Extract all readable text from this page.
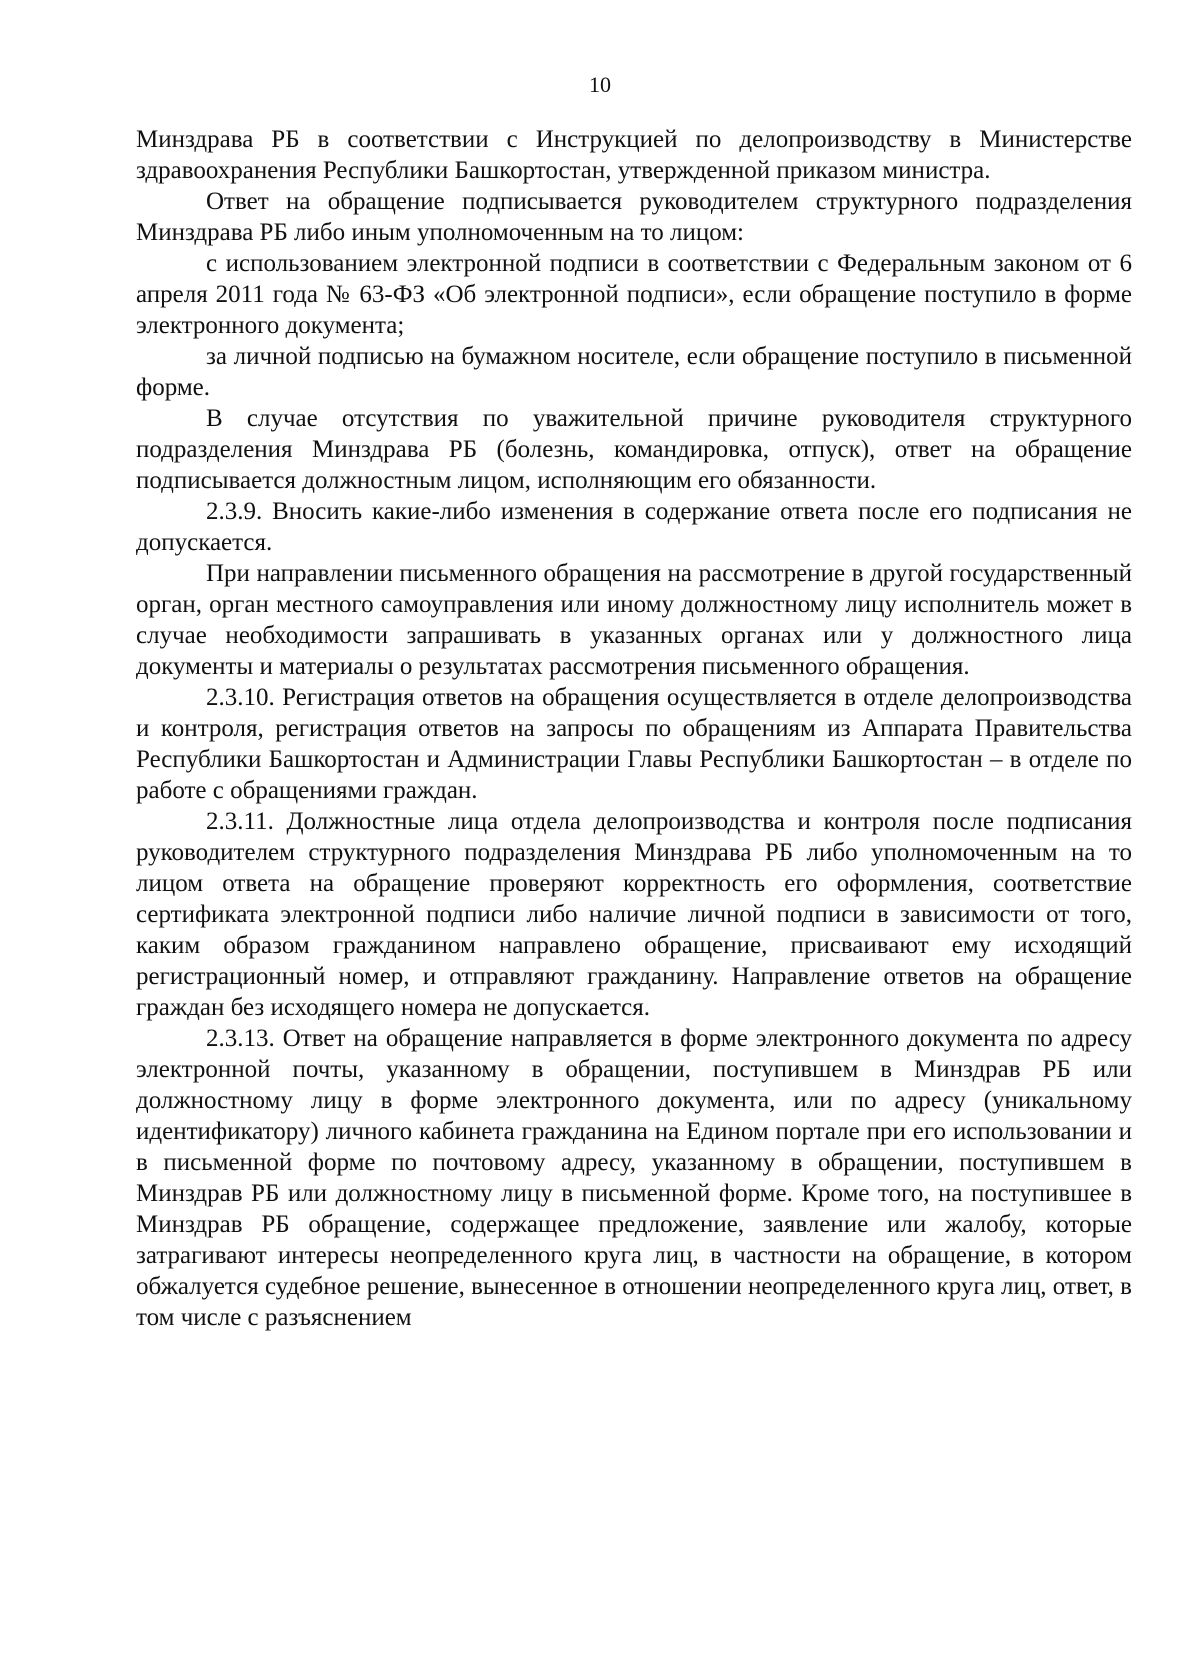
10

Минздрава РБ в соответствии с Инструкцией по делопроизводству в Министерстве здравоохранения Республики Башкортостан, утвержденной приказом министра.

Ответ на обращение подписывается руководителем структурного подразделения Минздрава РБ либо иным уполномоченным на то лицом:

с использованием электронной подписи в соответствии с Федеральным законом от 6 апреля 2011 года № 63-ФЗ «Об электронной подписи», если обращение поступило в форме электронного документа;

за личной подписью на бумажном носителе, если обращение поступило в письменной форме.

В случае отсутствия по уважительной причине руководителя структурного подразделения Минздрава РБ (болезнь, командировка, отпуск), ответ на обращение подписывается должностным лицом, исполняющим его обязанности.

2.3.9. Вносить какие-либо изменения в содержание ответа после его подписания не допускается.

При направлении письменного обращения на рассмотрение в другой государственный орган, орган местного самоуправления или иному должностному лицу исполнитель может в случае необходимости запрашивать в указанных органах или у должностного лица документы и материалы о результатах рассмотрения письменного обращения.

2.3.10. Регистрация ответов на обращения осуществляется в отделе делопроизводства и контроля, регистрация ответов на запросы по обращениям из Аппарата Правительства Республики Башкортостан и Администрации Главы Республики Башкортостан – в отделе по работе с обращениями граждан.

2.3.11. Должностные лица отдела делопроизводства и контроля после подписания руководителем структурного подразделения Минздрава РБ либо уполномоченным на то лицом ответа на обращение проверяют корректность его оформления, соответствие сертификата электронной подписи либо наличие личной подписи в зависимости от того, каким образом гражданином направлено обращение, присваивают ему исходящий регистрационный номер, и отправляют гражданину. Направление ответов на обращение граждан без исходящего номера не допускается.

2.3.13. Ответ на обращение направляется в форме электронного документа по адресу электронной почты, указанному в обращении, поступившем в Минздрав РБ или должностному лицу в форме электронного документа, или по адресу (уникальному идентификатору) личного кабинета гражданина на Едином портале при его использовании и в письменной форме по почтовому адресу, указанному в обращении, поступившем в Минздрав РБ или должностному лицу в письменной форме. Кроме того, на поступившее в Минздрав РБ обращение, содержащее предложение, заявление или жалобу, которые затрагивают интересы неопределенного круга лиц, в частности на обращение, в котором обжалуется судебное решение, вынесенное в отношении неопределенного круга лиц, ответ, в том числе с разъяснением
